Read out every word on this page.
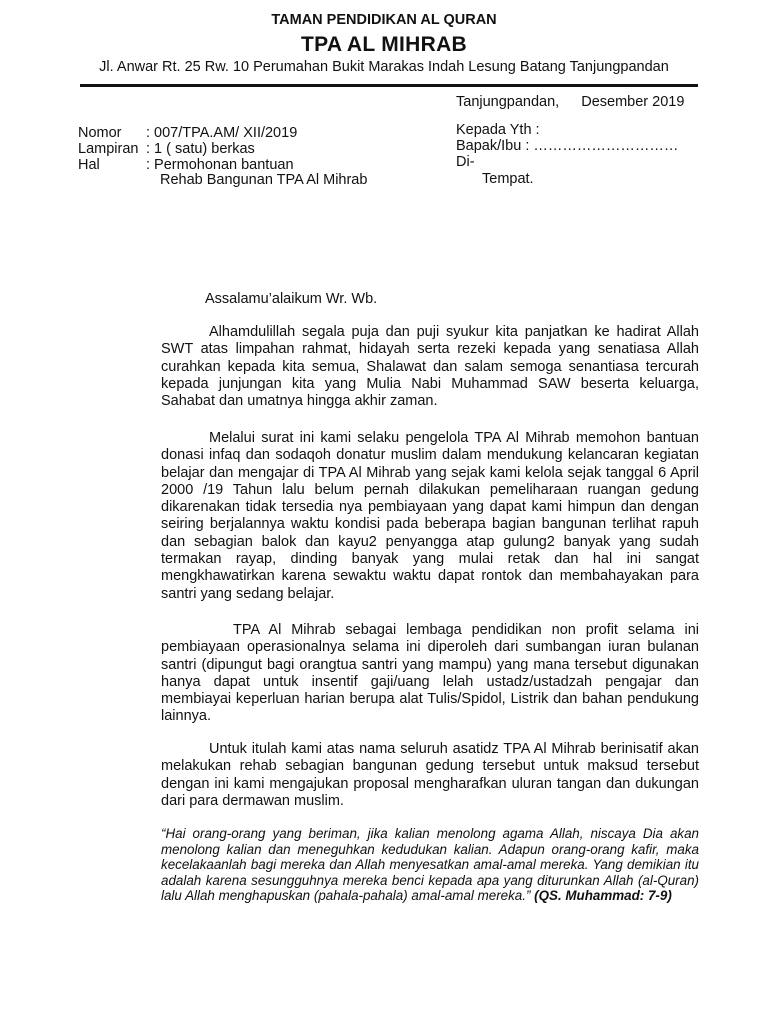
TAMAN PENDIDIKAN AL QURAN
TPA AL MIHRAB
Jl. Anwar Rt. 25 Rw. 10 Perumahan Bukit Marakas Indah Lesung Batang Tanjungpandan
Tanjungpandan, Desember 2019
Nomor	: 007/TPA.AM/ XII/2019
Lampiran : 1 ( satu) berkas
Hal	: Permohonan bantuan
Rehab Bangunan TPA Al Mihrab
Kepada Yth :
Bapak/Ibu : …………………………
Di-
Tempat.
Assalamu’alaikum Wr. Wb.
Alhamdulillah segala puja dan puji syukur kita panjatkan ke hadirat Allah SWT atas limpahan rahmat, hidayah serta rezeki kepada yang senatiasa Allah curahkan kepada kita semua, Shalawat dan salam semoga senantiasa tercurah kepada junjungan kita yang Mulia Nabi Muhammad SAW beserta keluarga, Sahabat dan umatnya hingga akhir zaman.
Melalui surat ini kami selaku pengelola TPA Al Mihrab memohon bantuan donasi infaq dan sodaqoh donatur muslim dalam mendukung kelancaran kegiatan belajar dan mengajar di TPA Al Mihrab yang sejak kami kelola sejak tanggal 6 April 2000 /19 Tahun lalu belum pernah dilakukan pemeliharaan ruangan gedung dikarenakan tidak tersedia nya pembiayaan yang dapat kami himpun dan dengan seiring berjalannya waktu kondisi pada beberapa bagian bangunan terlihat rapuh dan sebagian balok dan kayu2 penyangga atap gulung2 banyak yang sudah termakan rayap, dinding banyak yang mulai retak dan hal ini sangat mengkhawatirkan karena sewaktu waktu dapat rontok dan membahayakan para santri yang sedang belajar.
TPA Al Mihrab sebagai lembaga pendidikan non profit selama ini pembiayaan operasionalnya selama ini diperoleh dari sumbangan iuran bulanan santri (dipungut bagi orangtua santri yang mampu) yang mana tersebut digunakan hanya dapat untuk insentif gaji/uang lelah ustadz/ustadzah pengajar dan membiayai keperluan harian berupa alat Tulis/Spidol, Listrik dan bahan pendukung lainnya.
Untuk itulah kami atas nama seluruh asatidz TPA Al Mihrab berinisatif akan melakukan rehab sebagian bangunan gedung tersebut untuk maksud tersebut dengan ini kami mengajukan proposal mengharafkan uluran tangan dan dukungan dari para dermawan muslim.
“Hai orang-orang yang beriman, jika kalian menolong agama Allah, niscaya Dia akan menolong kalian dan meneguhkan kedudukan kalian. Adapun orang-orang kafir, maka kecelakaanlah bagi mereka dan Allah menyesatkan amal-amal mereka. Yang demikian itu adalah karena sesungguhnya mereka benci kepada apa yang diturunkan Allah (al-Quran) lalu Allah menghapuskan (pahala-pahala) amal-amal mereka.” (QS. Muhammad: 7-9)
